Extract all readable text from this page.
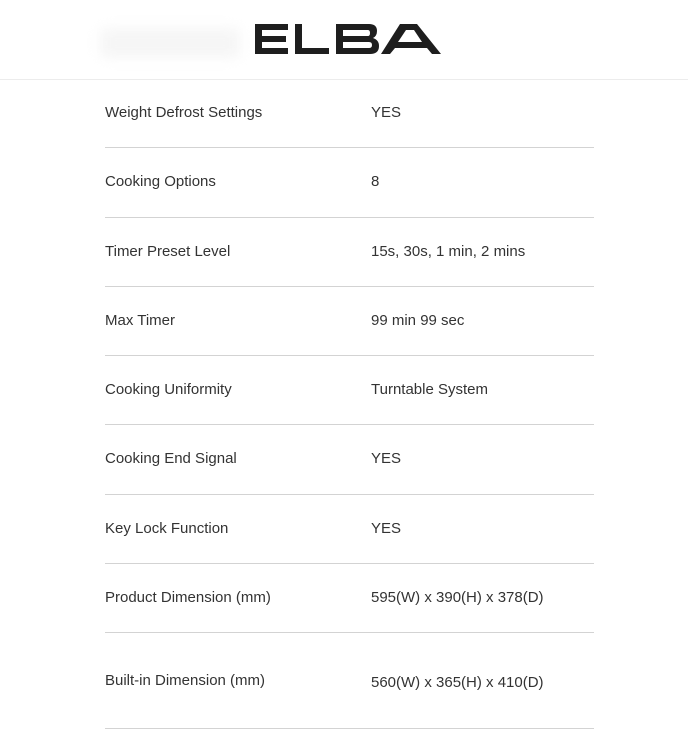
Weight Defrost Settings	YES
Cooking Options	8
Timer Preset Level	15s, 30s, 1 min, 2 mins
Max Timer	99 min 99 sec
Cooking Uniformity	Turntable System
Cooking End Signal	YES
Key Lock Function	YES
Product Dimension (mm)	595(W) x 390(H) x 378(D)
Built-in Dimension (mm)	560(W) x 365(H) x 410(D)
